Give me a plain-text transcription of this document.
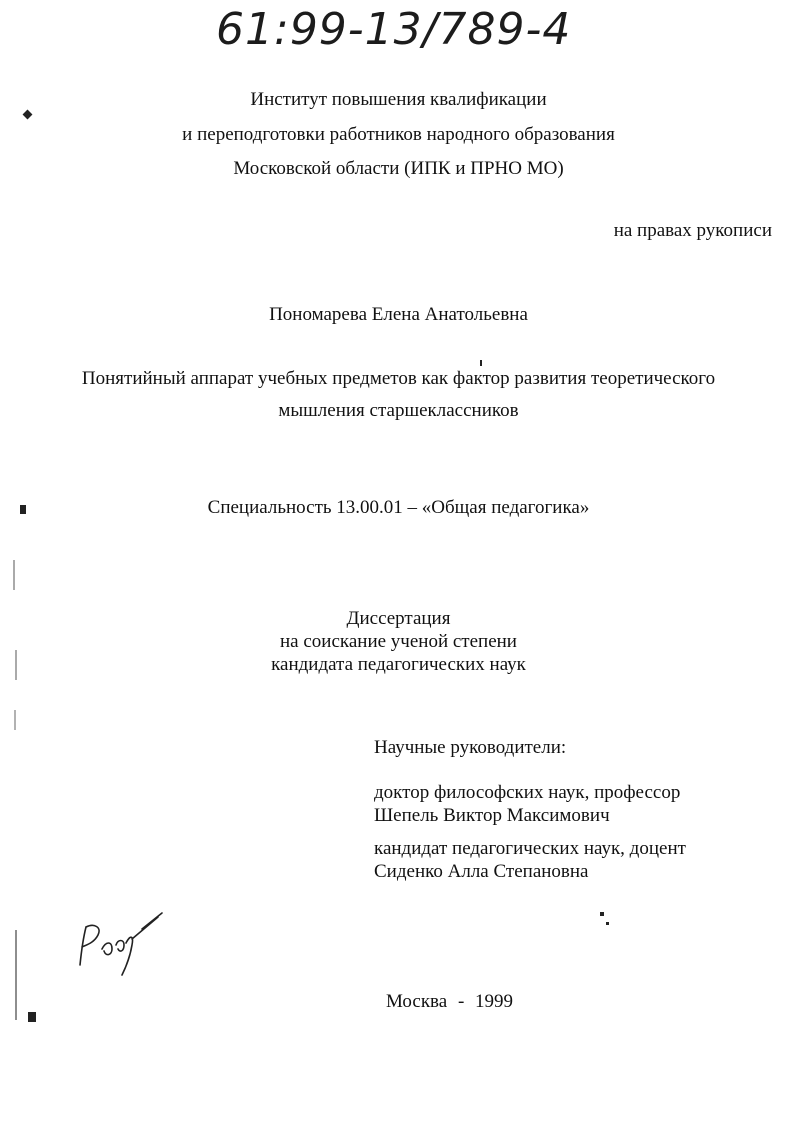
61:99-13/789-4
Институт повышения квалификации
и переподготовки работников народного образования
Московской области (ИПК и ПРНО МО)
на правах рукописи
Пономарева Елена Анатольевна
Понятийный аппарат учебных предметов как фактор развития теоретического
мышления старшеклассников
Специальность 13.00.01 – «Общая педагогика»
Диссертация
на соискание ученой степени
кандидата педагогических наук
Научные руководители:
доктор философских наук, профессор
Шепель Виктор Максимович
кандидат педагогических наук, доцент
Сиденко Алла Степановна
Москва - 1999
